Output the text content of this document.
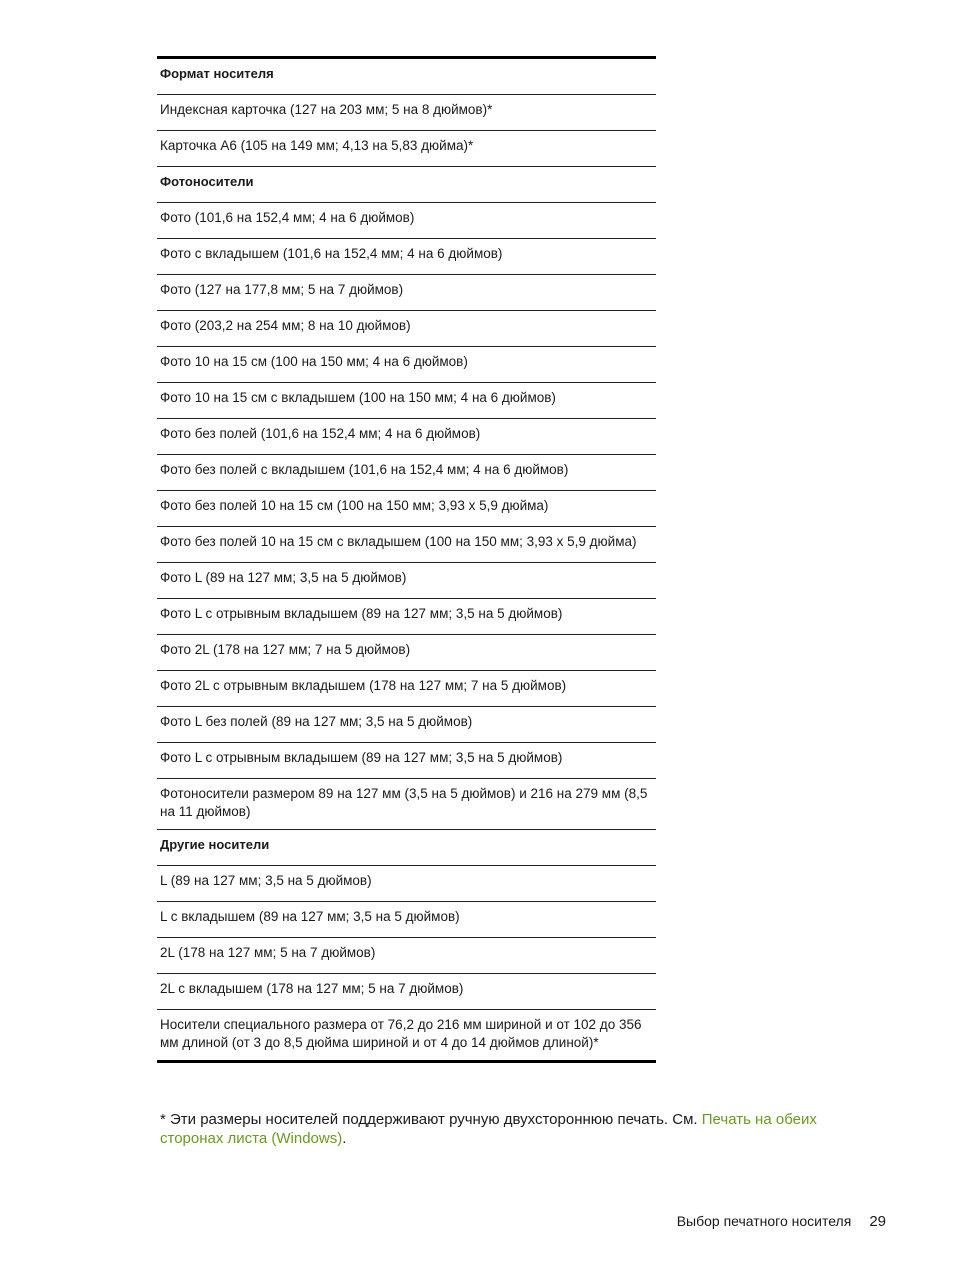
Формат носителя
Индексная карточка (127 на 203 мм; 5 на 8 дюймов)*
Карточка A6 (105 на 149 мм; 4,13 на 5,83 дюйма)*
Фотоносители
Фото (101,6 на 152,4 мм; 4 на 6 дюймов)
Фото с вкладышем (101,6 на 152,4 мм; 4 на 6 дюймов)
Фото (127 на 177,8 мм; 5 на 7 дюймов)
Фото (203,2 на 254 мм; 8 на 10 дюймов)
Фото 10 на 15 см (100 на 150 мм; 4 на 6 дюймов)
Фото 10 на 15 см с вкладышем (100 на 150 мм; 4 на 6 дюймов)
Фото без полей (101,6 на 152,4 мм; 4 на 6 дюймов)
Фото без полей с вкладышем (101,6 на 152,4 мм; 4 на 6 дюймов)
Фото без полей 10 на 15 см (100 на 150 мм; 3,93 x 5,9 дюйма)
Фото без полей 10 на 15 см с вкладышем (100 на 150 мм; 3,93 x 5,9 дюйма)
Фото L (89 на 127 мм; 3,5 на 5 дюймов)
Фото L с отрывным вкладышем (89 на 127 мм; 3,5 на 5 дюймов)
Фото 2L (178 на 127 мм; 7 на 5 дюймов)
Фото 2L с отрывным вкладышем (178 на 127 мм; 7 на 5 дюймов)
Фото L без полей (89 на 127 мм; 3,5 на 5 дюймов)
Фото L с отрывным вкладышем (89 на 127 мм; 3,5 на 5 дюймов)
Фотоносители размером 89 на 127 мм (3,5 на 5 дюймов) и 216 на 279 мм (8,5 на 11 дюймов)
Другие носители
L (89 на 127 мм; 3,5 на 5 дюймов)
L с вкладышем (89 на 127 мм; 3,5 на 5 дюймов)
2L (178 на 127 мм; 5 на 7 дюймов)
2L с вкладышем (178 на 127 мм; 5 на 7 дюймов)
Носители специального размера от 76,2 до 216 мм шириной и от 102 до 356 мм длиной (от 3 до 8,5 дюйма шириной и от 4 до 14 дюймов длиной)*
* Эти размеры носителей поддерживают ручную двухстороннюю печать. См. Печать на обеих сторонах листа (Windows).
Выбор печатного носителя 29
